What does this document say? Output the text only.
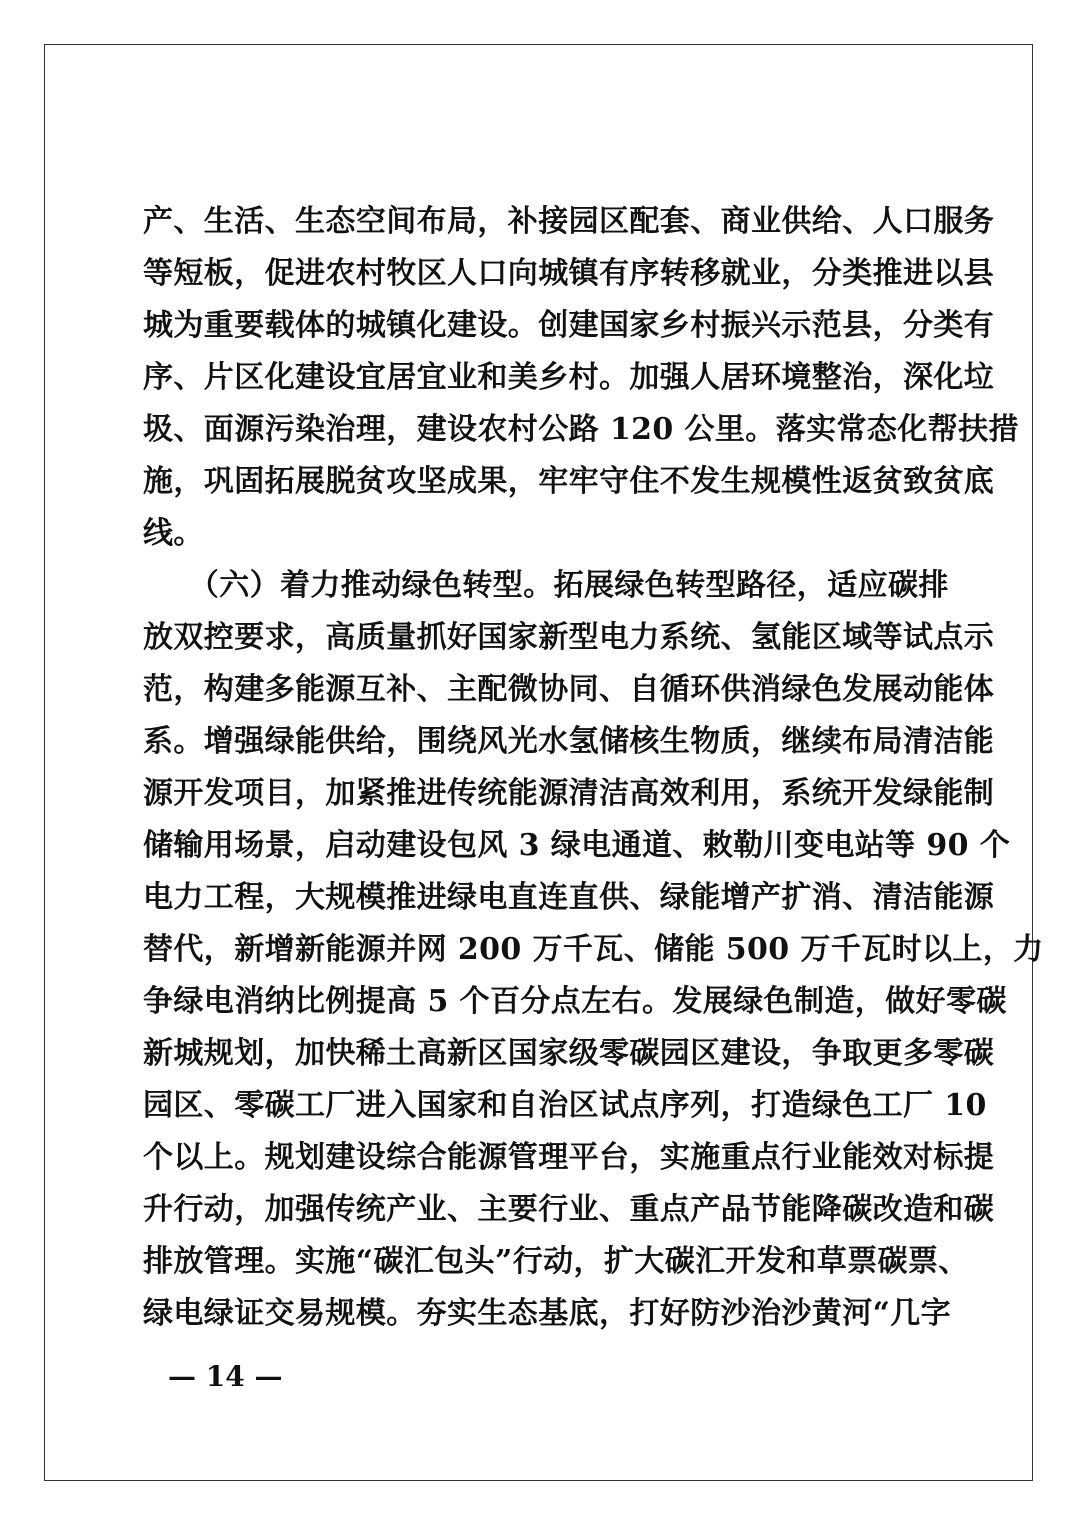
产、生活、生态空间布局，补接园区配套、商业供给、人口服务
等短板，促进农村牧区人口向城镇有序转移就业，分类推进以县
城为重要载体的城镇化建设。创建国家乡村振兴示范县，分类有
序、片区化建设宜居宜业和美乡村。加强人居环境整治，深化垃
圾、面源污染治理，建设农村公路 120 公里。落实常态化帮扶措
施，巩固拓展脱贫攻坚成果，牢牢守住不发生规模性返贫致贫底
线。
　　（六）着力推动绿色转型。拓展绿色转型路径，适应碳排
放双控要求，高质量抓好国家新型电力系统、氢能区域等试点示
范，构建多能源互补、主配微协同、自循环供消绿色发展动能体
系。增强绿能供给，围绕风光水氢储核生物质，继续布局清洁能
源开发项目，加紧推进传统能源清洁高效利用，系统开发绿能制
储输用场景，启动建设包风 3 绿电通道、敕勒川变电站等 90 个
电力工程，大规模推进绿电直连直供、绿能增产扩消、清洁能源
替代，新增新能源并网 200 万千瓦、储能 500 万千瓦时以上，力
争绿电消纳比例提高 5 个百分点左右。发展绿色制造，做好零碳
新城规划，加快稀土高新区国家级零碳园区建设，争取更多零碳
园区、零碳工厂进入国家和自治区试点序列，打造绿色工厂 10
个以上。规划建设综合能源管理平台，实施重点行业能效对标提
升行动，加强传统产业、主要行业、重点产品节能降碳改造和碳
排放管理。实施“碳汇包头”行动，扩大碳汇开发和草票碳票、
绿电绿证交易规模。夯实生态基底，打好防沙治沙黄河“几字
— 14 —
